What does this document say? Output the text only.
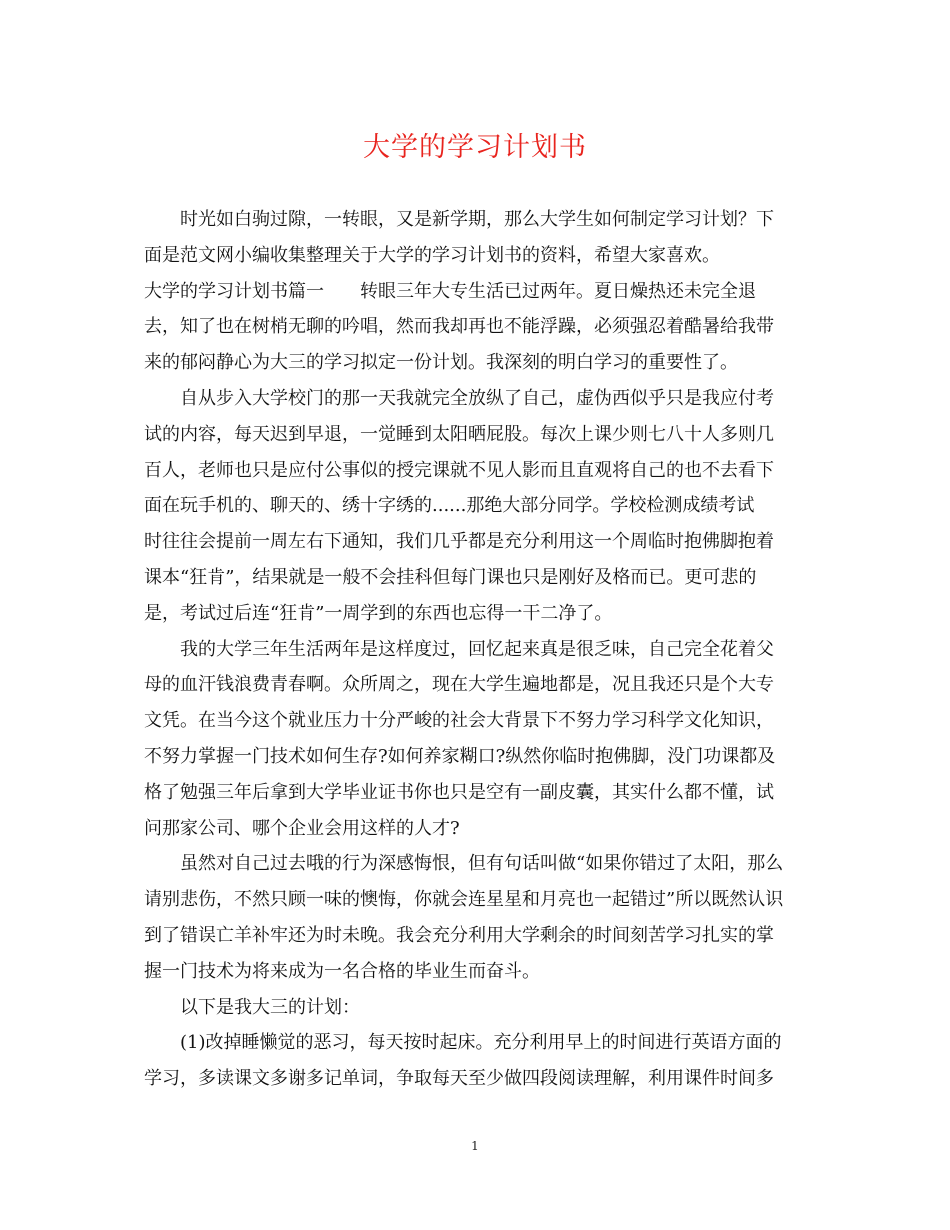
大学的学习计划书
时光如白驹过隙，一转眼，又是新学期，那么大学生如何制定学习计划？下
面是范文网小编收集整理关于大学的学习计划书的资料，希望大家喜欢。
大学的学习计划书篇一　　转眼三年大专生活已过两年。夏日燥热还未完全退
去，知了也在树梢无聊的吟唱，然而我却再也不能浮躁，必须强忍着酷暑给我带
来的郁闷静心为大三的学习拟定一份计划。我深刻的明白学习的重要性了。
自从步入大学校门的那一天我就完全放纵了自己，虚伪西似乎只是我应付考
试的内容，每天迟到早退，一觉睡到太阳晒屁股。每次上课少则七八十人多则几
百人，老师也只是应付公事似的授完课就不见人影而且直观将自己的也不去看下
面在玩手机的、聊天的、绣十字绣的......那绝大部分同学。学校检测成绩考试
时往往会提前一周左右下通知，我们几乎都是充分利用这一个周临时抱佛脚抱着
课本“狂肯”，结果就是一般不会挂科但每门课也只是刚好及格而已。更可悲的
是，考试过后连“狂肯”一周学到的东西也忘得一干二净了。
我的大学三年生活两年是这样度过，回忆起来真是很乏味，自己完全花着父
母的血汗钱浪费青春啊。众所周之，现在大学生遍地都是，况且我还只是个大专
文凭。在当今这个就业压力十分严峻的社会大背景下不努力学习科学文化知识，
不努力掌握一门技术如何生存?如何养家糊口?纵然你临时抱佛脚，没门功课都及
格了勉强三年后拿到大学毕业证书你也只是空有一副皮囊，其实什么都不懂，试
问那家公司、哪个企业会用这样的人才?
虽然对自己过去哦的行为深感悔恨，但有句话叫做“如果你错过了太阳，那么
请别悲伤，不然只顾一味的懊悔，你就会连星星和月亮也一起错过”所以既然认识
到了错误亡羊补牢还为时未晚。我会充分利用大学剩余的时间刻苦学习扎实的掌
握一门技术为将来成为一名合格的毕业生而奋斗。
以下是我大三的计划：
(1)改掉睡懒觉的恶习，每天按时起床。充分利用早上的时间进行英语方面的
学习，多读课文多谢多记单词，争取每天至少做四段阅读理解，利用课件时间多
1
